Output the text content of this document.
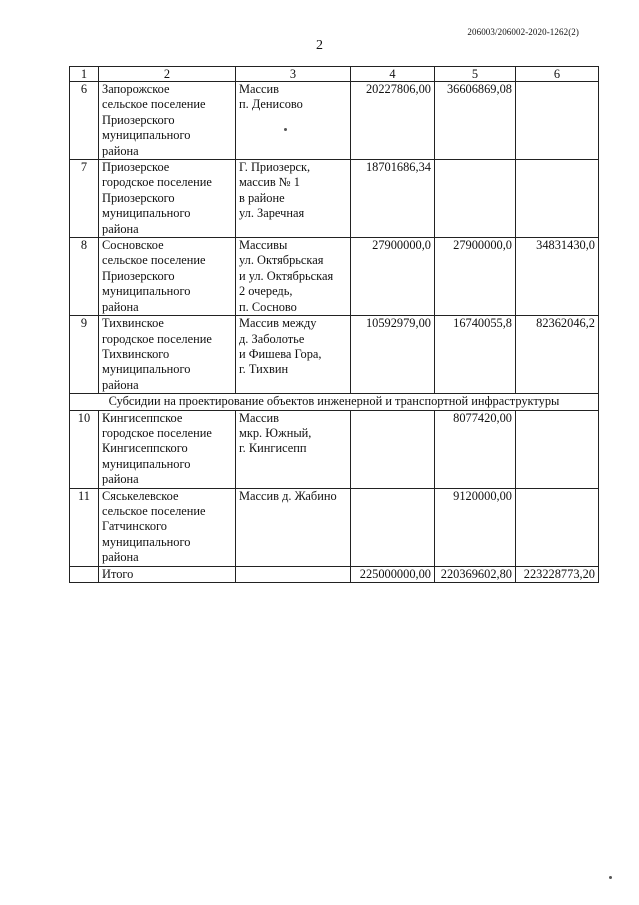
206003/206002-2020-1262(2)
2
1	2	3	4	5	6
6	Запорожское
сельское поселение
Приозерского
муниципального
района	Массив
п. Денисово	20227806,00	36606869,08	
7	Приозерское
городское поселение
Приозерского
муниципального
района	Г. Приозерск,
массив № 1
в районе
ул. Заречная	18701686,34		
8	Сосновское
сельское поселение
Приозерского
муниципального
района	Массивы
ул. Октябрьская
и ул. Октябрьская
2 очередь,
п. Сосново	27900000,0	27900000,0	34831430,0
9	Тихвинское
городское поселение
Тихвинского
муниципального
района	Массив между
д. Заболотье
и Фишева Гора,
г. Тихвин	10592979,00	16740055,8	82362046,2
Субсидии на проектирование объектов инженерной и транспортной инфраструктуры					
10	Кингисеппское
городское поселение
Кингисеппского
муниципального
района	Массив
мкр. Южный,
г. Кингисепп		8077420,00	
11	Сяськелевское
сельское поселение
Гатчинского
муниципального
района	Массив д. Жабино		9120000,00	
	Итого		225000000,00	220369602,80	223228773,20
